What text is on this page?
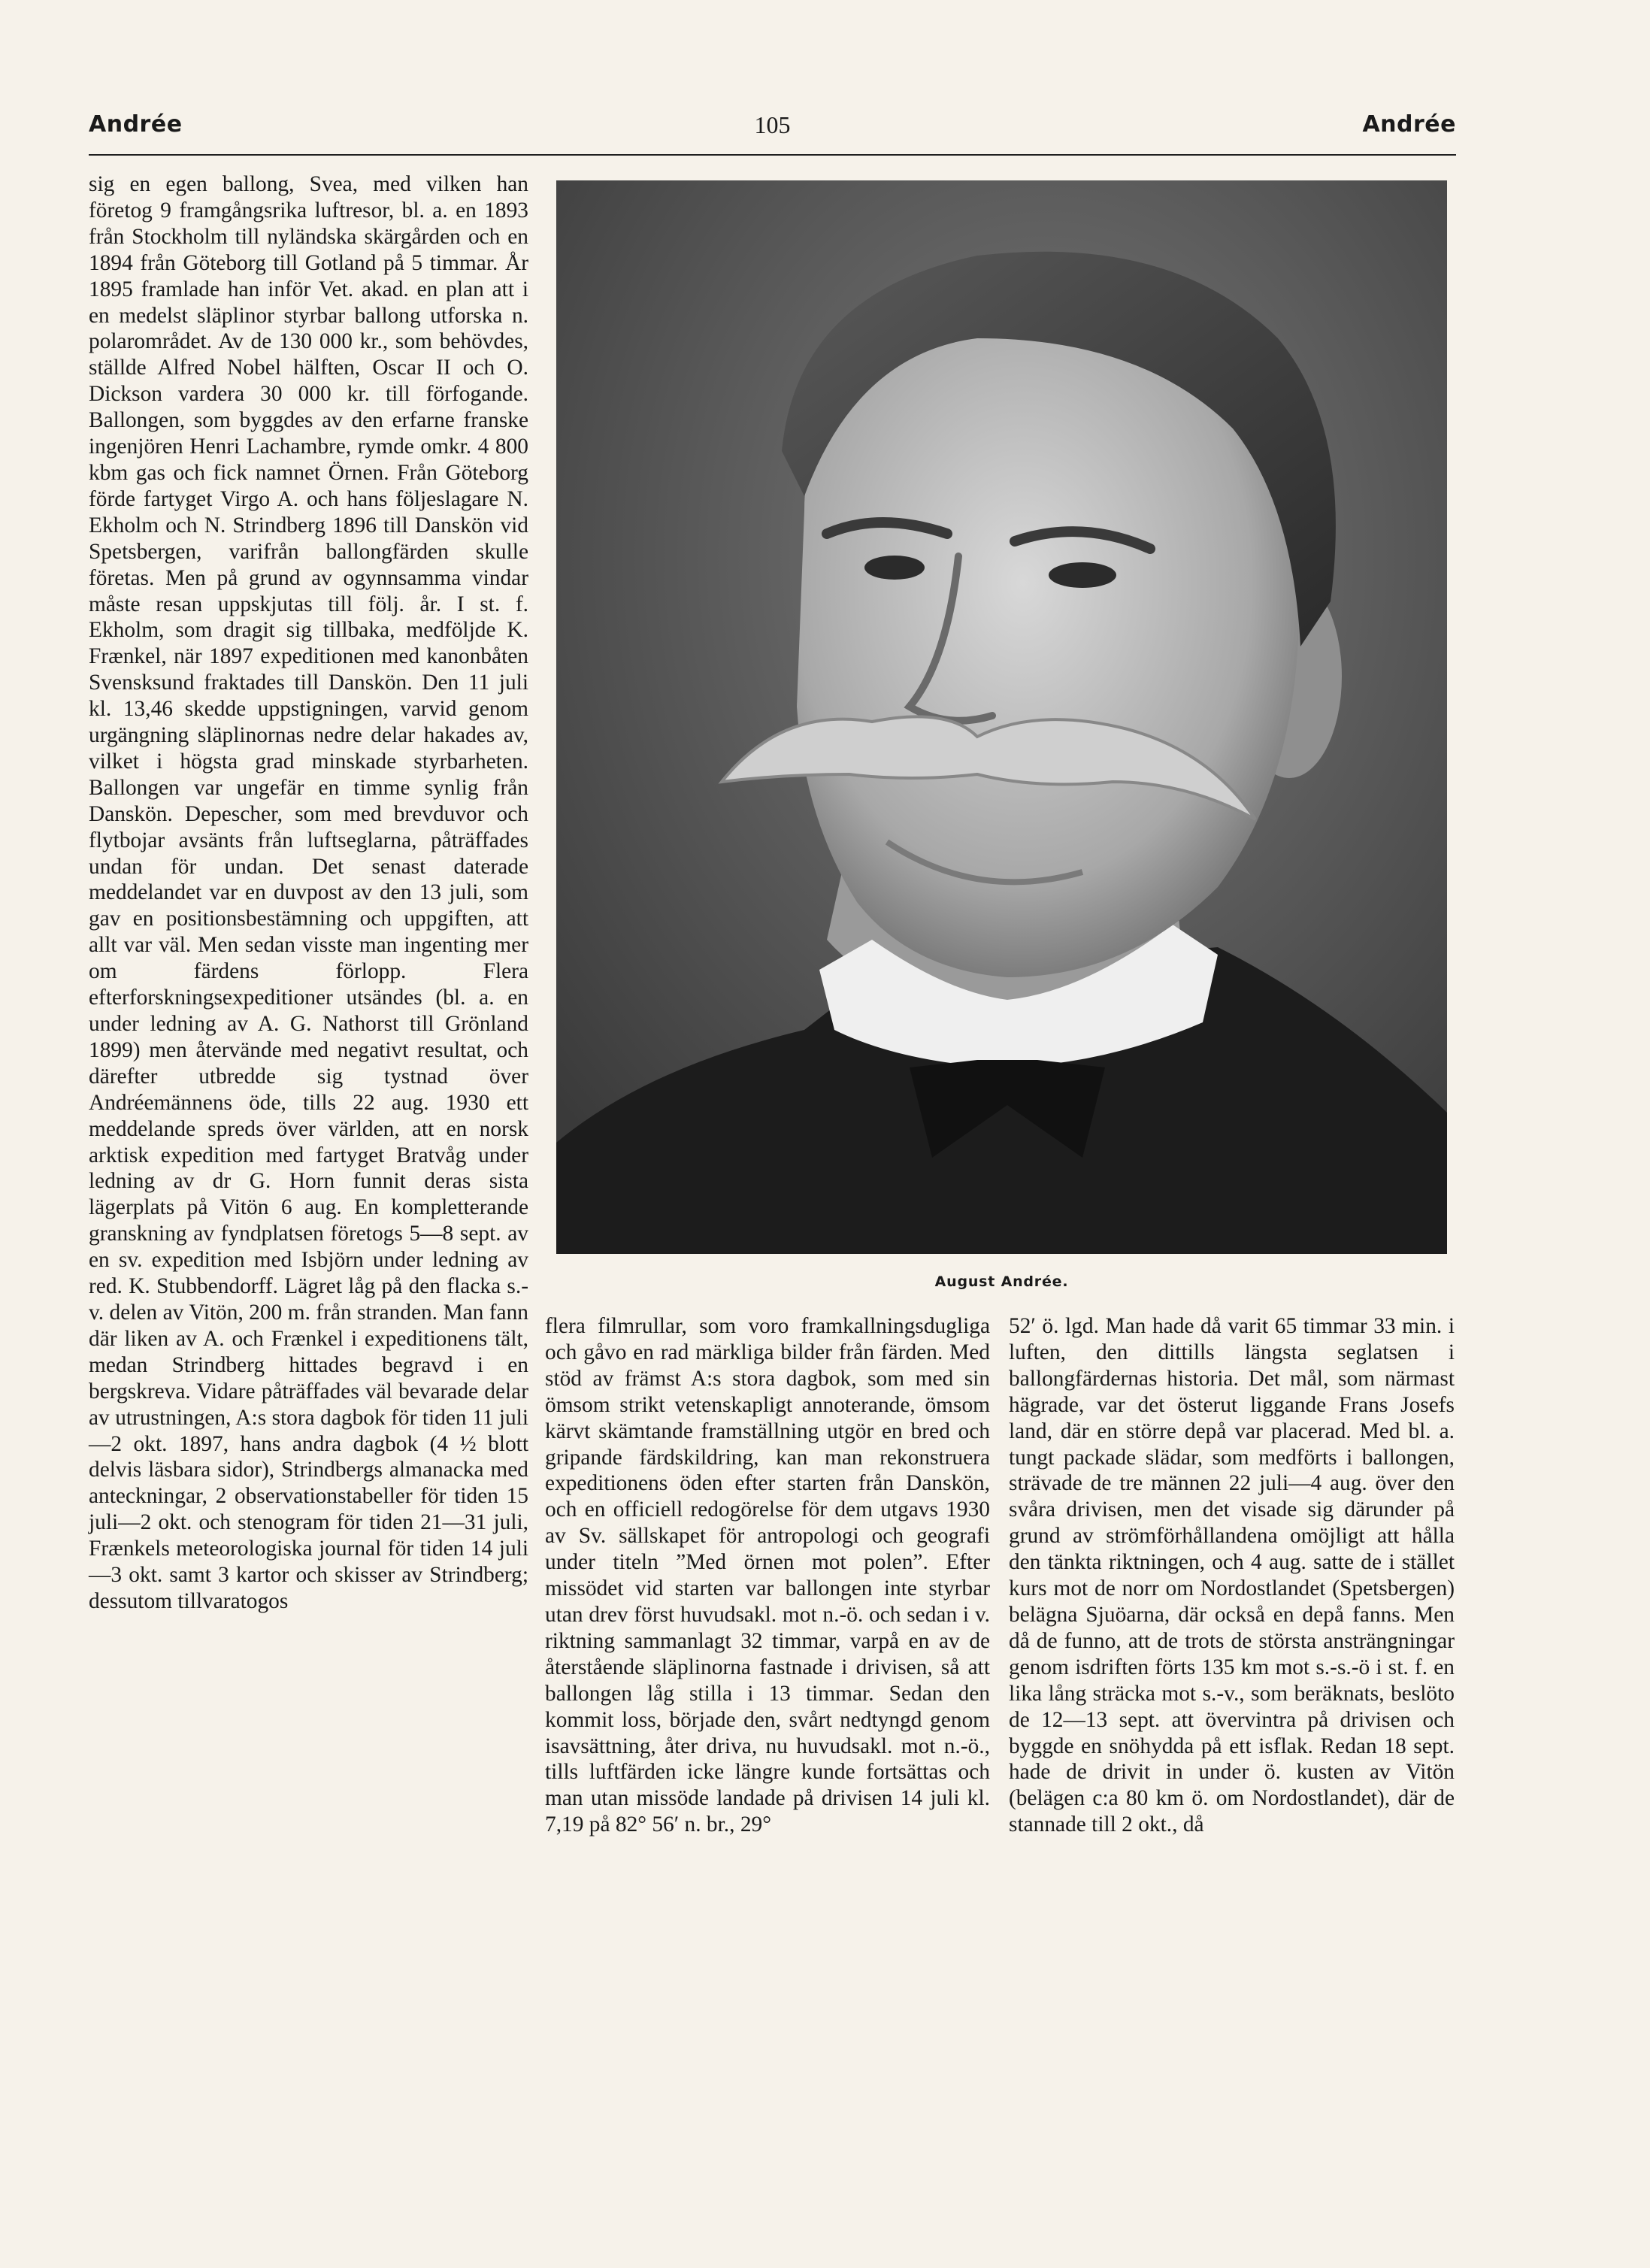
Andrée	105	Andrée

sig en egen ballong, Svea, med vilken han företog 9 framgångsrika luftresor, bl. a. en 1893 från Stockholm till nyländska skärgården och en 1894 från Göteborg till Gotland på 5 timmar. År 1895 framlade han inför Vet. akad. en plan att i en medelst släplinor styrbar ballong utforska n. polarområdet. Av de 130 000 kr., som behövdes, ställde Alfred Nobel hälften, Oscar II och O. Dickson vardera 30 000 kr. till förfogande. Ballongen, som byggdes av den erfarne franske ingenjören Henri Lachambre, rymde omkr. 4 800 kbm gas och fick namnet Örnen. Från Göteborg förde fartyget Virgo A. och hans följeslagare N. Ekholm och N. Strindberg 1896 till Danskön vid Spetsbergen, varifrån ballongfärden skulle företas. Men på grund av ogynnsamma vindar måste resan uppskjutas till följ. år. I st. f. Ekholm, som dragit sig tillbaka, medföljde K. Frænkel, när 1897 expeditionen med kanonbåten Svensksund fraktades till Danskön. Den 11 juli kl. 13,46 skedde uppstigningen, varvid genom urgängning släplinornas nedre delar hakades av, vilket i högsta grad minskade styrbarheten. Ballongen var ungefär en timme synlig från Danskön. Depescher, som med brevduvor och flytbojar avsänts från luftseglarna, påträffades undan för undan. Det senast daterade meddelandet var en duvpost av den 13 juli, som gav en positionsbestämning och uppgiften, att allt var väl. Men sedan visste man ingenting mer om färdens förlopp. Flera efterforskningsexpeditioner utsändes (bl. a. en under ledning av A. G. Nathorst till Grönland 1899) men återvände med negativt resultat, och därefter utbredde sig tystnad över Andréemännens öde, tills 22 aug. 1930 ett meddelande spreds över världen, att en norsk arktisk expedition med fartyget Bratvåg under ledning av dr G. Horn funnit deras sista lägerplats på Vitön 6 aug. En kompletterande granskning av fyndplatsen företogs 5—8 sept. av en sv. expedition med Isbjörn under ledning av red. K. Stubbendorff. Lägret låg på den flacka s.-v. delen av Vitön, 200 m. från stranden. Man fann där liken av A. och Frænkel i expeditionens tält, medan Strindberg hittades begravd i en bergskreva. Vidare påträffades väl bevarade delar av utrustningen, A:s stora dagbok för tiden 11 juli—2 okt. 1897, hans andra dagbok (4 ½ blott delvis läsbara sidor), Strindbergs almanacka med anteckningar, 2 observationstabeller för tiden 15 juli—2 okt. och stenogram för tiden 21—31 juli, Frænkels meteorologiska journal för tiden 14 juli—3 okt. samt 3 kartor och skisser av Strindberg; dessutom tillvaratogos

August Andrée.

flera filmrullar, som voro framkallningsdugliga och gåvo en rad märkliga bilder från färden. Med stöd av främst A:s stora dagbok, som med sin ömsom strikt vetenskapligt annoterande, ömsom kärvt skämtande framställning utgör en bred och gripande färdskildring, kan man rekonstruera expeditionens öden efter starten från Danskön, och en officiell redogörelse för dem utgavs 1930 av Sv. sällskapet för antropologi och geografi under titeln ”Med örnen mot polen”. Efter missödet vid starten var ballongen inte styrbar utan drev först huvudsakl. mot n.-ö. och sedan i v. riktning sammanlagt 32 timmar, varpå en av de återstående släplinorna fastnade i drivisen, så att ballongen låg stilla i 13 timmar. Sedan den kommit loss, började den, svårt nedtyngd genom isavsättning, åter driva, nu huvudsakl. mot n.-ö., tills luftfärden icke längre kunde fortsättas och man utan missöde landade på drivisen 14 juli kl. 7,19 på 82° 56′ n. br., 29°

52′ ö. lgd. Man hade då varit 65 timmar 33 min. i luften, den dittills längsta seglatsen i ballongfärdernas historia. Det mål, som närmast hägrade, var det österut liggande Frans Josefs land, där en större depå var placerad. Med bl. a. tungt packade slädar, som medförts i ballongen, strävade de tre männen 22 juli—4 aug. över den svåra drivisen, men det visade sig därunder på grund av strömförhållandena omöjligt att hålla den tänkta riktningen, och 4 aug. satte de i stället kurs mot de norr om Nordostlandet (Spetsbergen) belägna Sjuöarna, där också en depå fanns. Men då de funno, att de trots de största ansträngningar genom isdriften förts 135 km mot s.-s.-ö i st. f. en lika lång sträcka mot s.-v., som beräknats, beslöto de 12—13 sept. att övervintra på drivisen och byggde en snöhydda på ett isflak. Redan 18 sept. hade de drivit in under ö. kusten av Vitön (belägen c:a 80 km ö. om Nordostlandet), där de stannade till 2 okt., då
